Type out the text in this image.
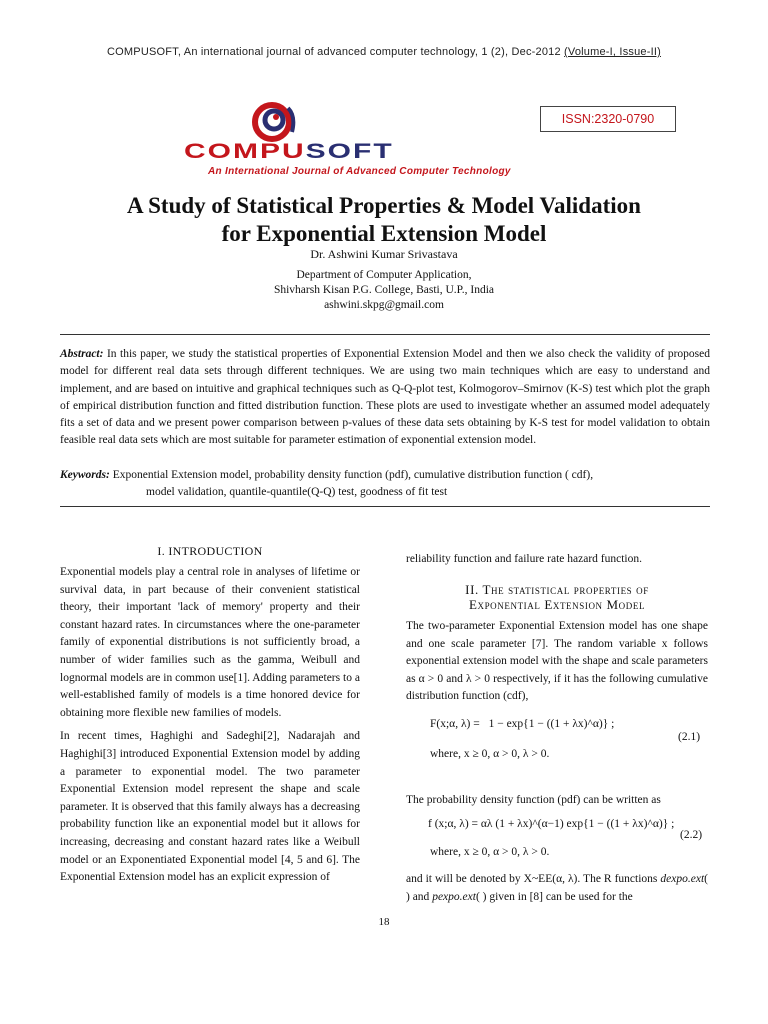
COMPUSOFT, An international journal of advanced computer technology, 1 (2), Dec-2012 (Volume-I, Issue-II)
ISSN:2320-0790
COMPUSOFT
An International Journal of Advanced Computer Technology
A Study of Statistical Properties & Model Validation
for Exponential Extension Model
Dr. Ashwini Kumar Srivastava
Department of Computer Application,
Shivharsh Kisan P.G. College, Basti, U.P., India
ashwini.skpg@gmail.com
Abstract: In this paper, we study the statistical properties of Exponential Extension Model and then we also check the validity of proposed model for different real data sets through different techniques. We are using two main techniques which are easy to understand and implement, and are based on intuitive and graphical techniques such as Q-Q-plot test, Kolmogorov–Smirnov (K-S) test which plot the graph of empirical distribution function and fitted distribution function. These plots are used to investigate whether an assumed model adequately fits a set of data and we present power comparison between p-values of these data sets obtaining by K-S test for model validation to obtain feasible real data sets which are most suitable for parameter estimation of exponential extension model.
Keywords: Exponential Extension model, probability density function (pdf), cumulative distribution function ( cdf),
model validation, quantile-quantile(Q-Q) test, goodness of fit test
I. INTRODUCTION

Exponential models play a central role in analyses of lifetime or survival data, in part because of their convenient statistical theory, their important 'lack of memory' property and their constant hazard rates. In circumstances where the one-parameter family of exponential distributions is not sufficiently broad, a number of wider families such as the gamma, Weibull and lognormal models are in common use[1]. Adding parameters to a well-established family of models is a time honored device for obtaining more flexible new families of models.

In recent times, Haghighi and Sadeghi[2], Nadarajah and Haghighi[3] introduced Exponential Extension model by adding a parameter to exponential model. The two parameter Exponential Extension model represent the shape and scale parameter. It is observed that this family always has a decreasing probability function like an exponential model but it allows for increasing, decreasing and constant hazard rates like a Weibull model or an Exponentiated Exponential model [4, 5 and 6]. The Exponential Extension model has an explicit expression of

reliability function and failure rate hazard function.
II. The statistical properties of
Exponential Extension Model

The two-parameter Exponential Extension model has one shape and one scale parameter [7]. The random variable x follows exponential extension model with the shape and scale parameters as α > 0 and λ > 0 respectively, if it has the following cumulative distribution function (cdf),

F(x;α, λ) = 1 − exp{1 − ((1 + λx)^α)} ;
(2.1)
where, x ≥ 0, α > 0, λ > 0.
The probability density function (pdf) can be written as
f (x;α, λ) = αλ (1 + λx)^(α−1) exp{1 − ((1 + λx)^α)} ;
(2.2)
where, x ≥ 0, α > 0, λ > 0.
and it will be denoted by X~EE(α, λ). The R functions dexpo.ext( ) and pexpo.ext( ) given in [8] can be used for the
18
